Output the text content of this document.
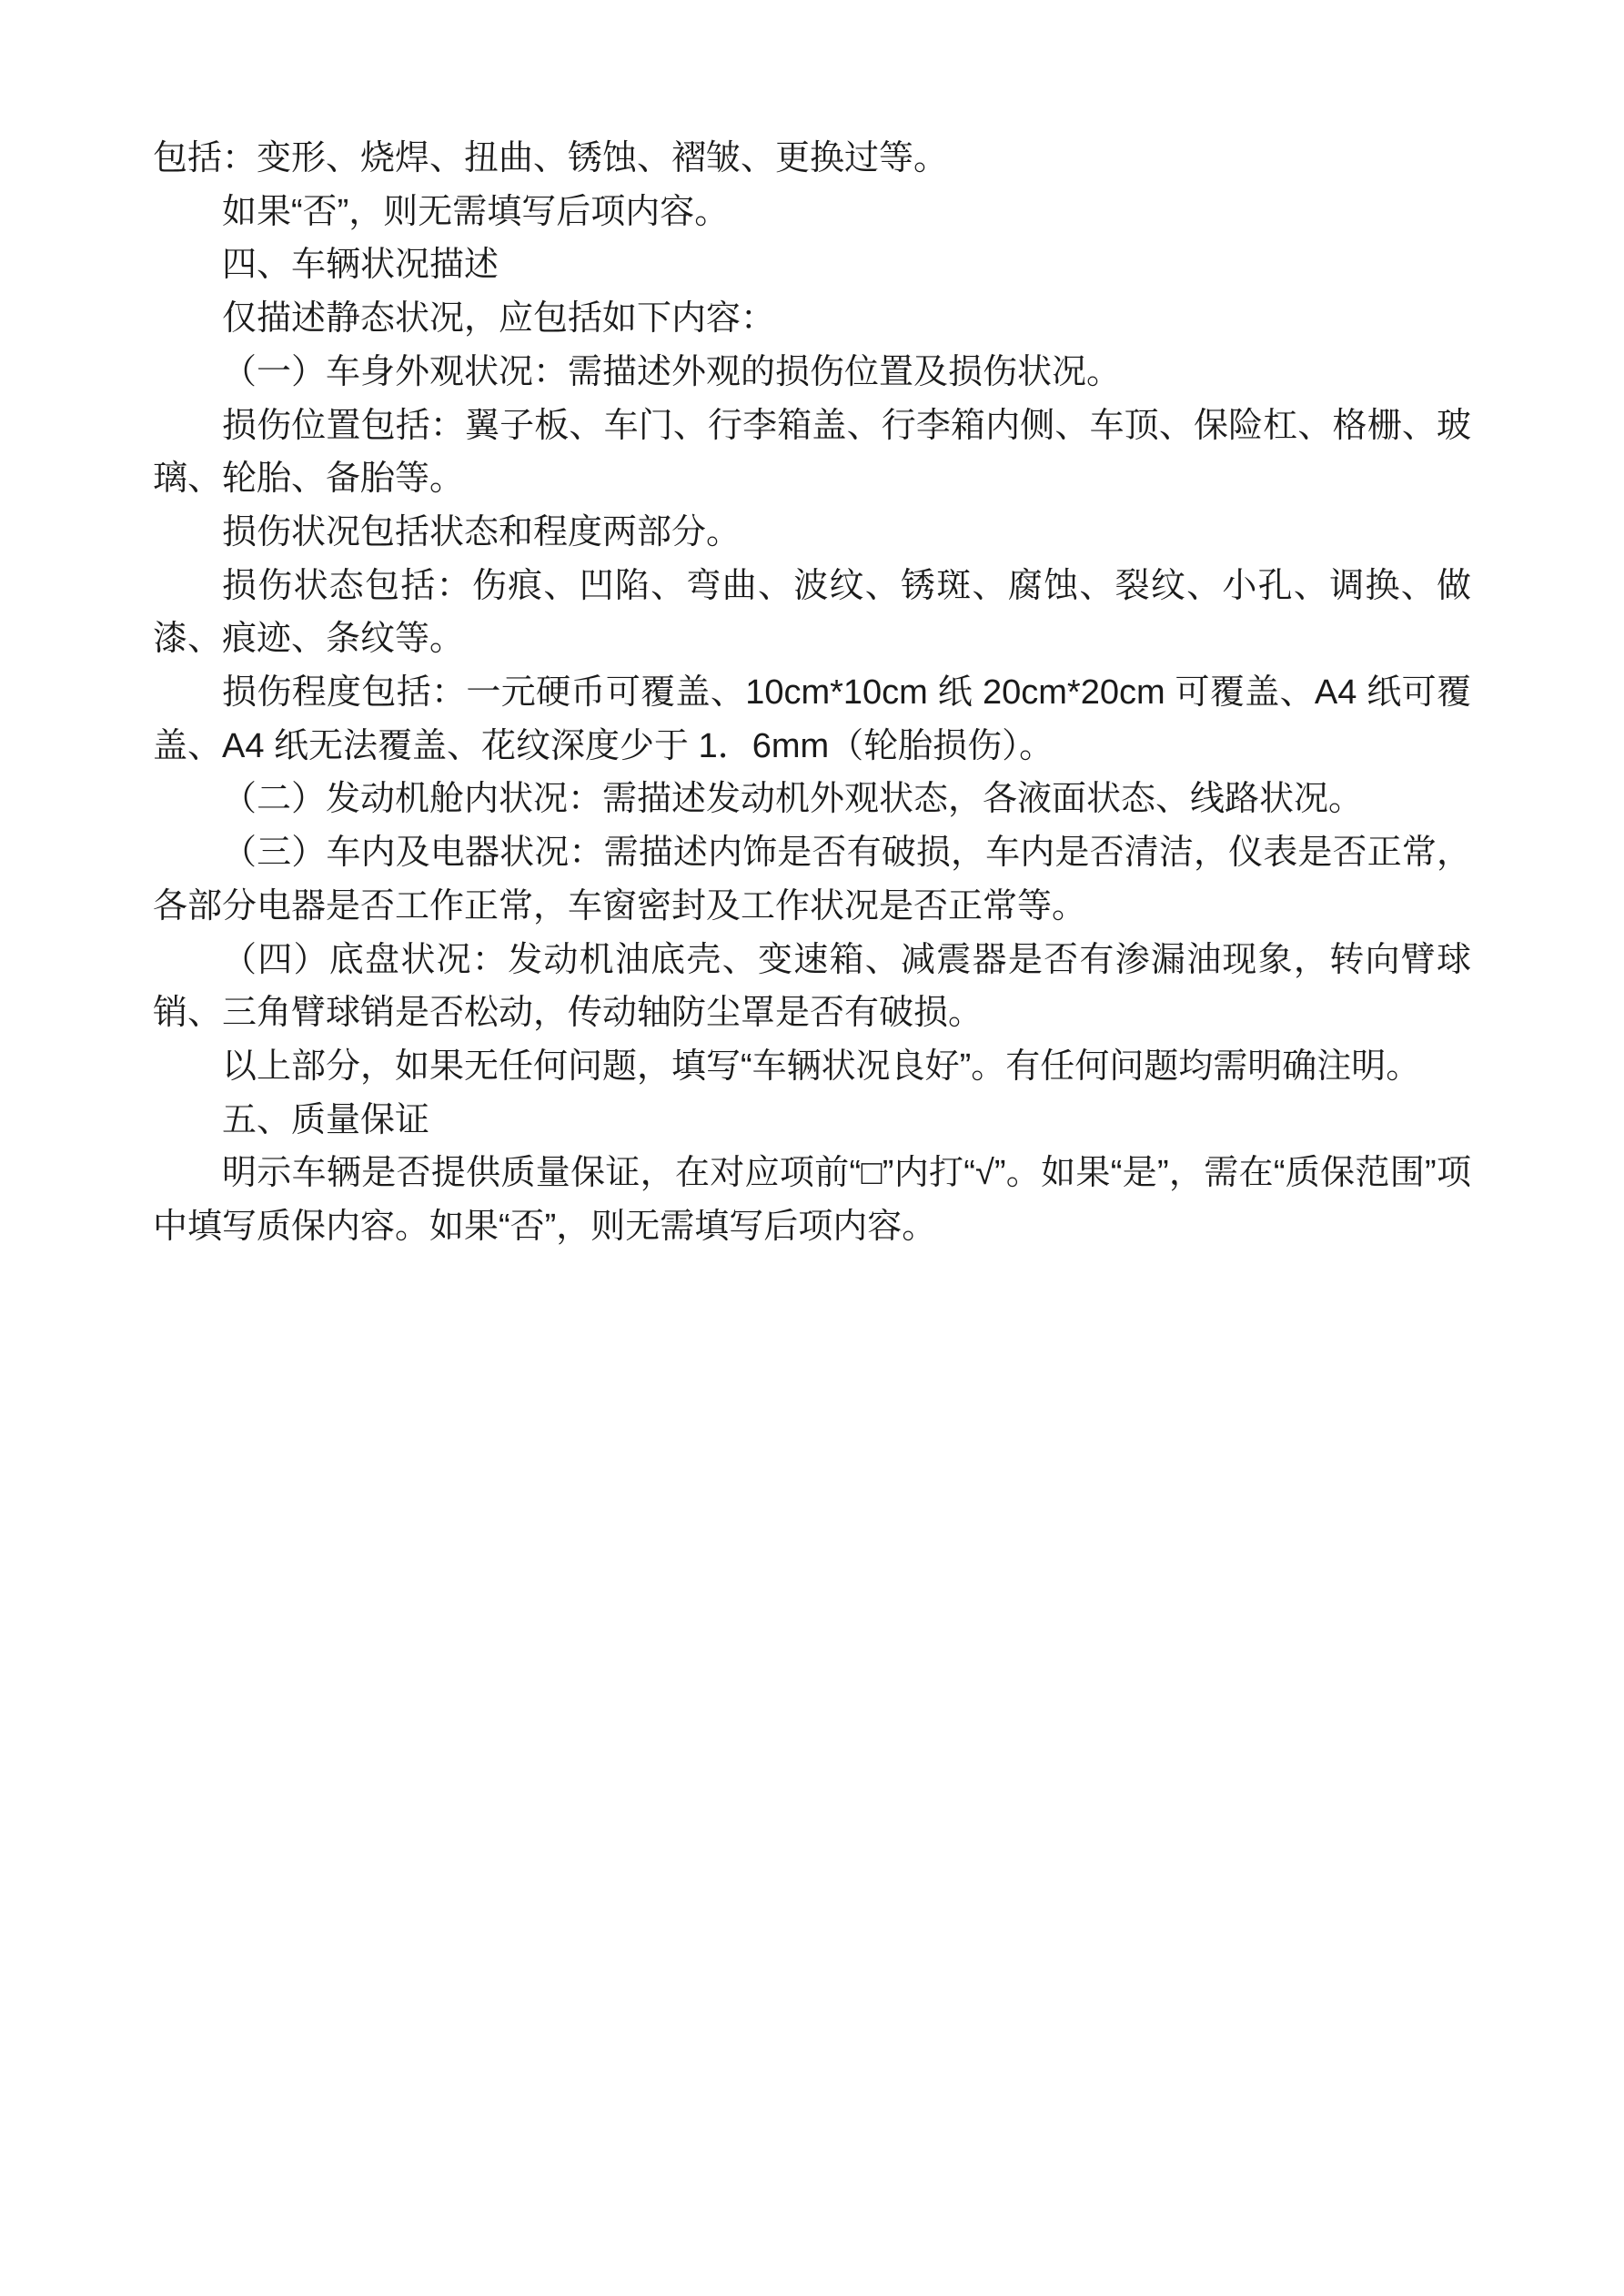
包括：变形、烧焊、扭曲、锈蚀、褶皱、更换过等。

如果“否”，则无需填写后项内容。

四、车辆状况描述

仅描述静态状况，应包括如下内容：

（一）车身外观状况：需描述外观的损伤位置及损伤状况。

损伤位置包括：翼子板、车门、行李箱盖、行李箱内侧、车顶、保险杠、格栅、玻璃、轮胎、备胎等。

损伤状况包括状态和程度两部分。

损伤状态包括：伤痕、凹陷、弯曲、波纹、锈斑、腐蚀、裂纹、小孔、调换、做漆、痕迹、条纹等。

损伤程度包括：一元硬币可覆盖、10cm*10cm 纸 20cm*20cm 可覆盖、A4 纸可覆盖、A4 纸无法覆盖、花纹深度少于 1．6mm（轮胎损伤）。

（二）发动机舱内状况：需描述发动机外观状态，各液面状态、线路状况。

（三）车内及电器状况：需描述内饰是否有破损，车内是否清洁，仪表是否正常，各部分电器是否工作正常，车窗密封及工作状况是否正常等。

（四）底盘状况：发动机油底壳、变速箱、减震器是否有渗漏油现象，转向臂球销、三角臂球销是否松动，传动轴防尘罩是否有破损。

以上部分，如果无任何问题，填写“车辆状况良好”。有任何问题均需明确注明。

五、质量保证

明示车辆是否提供质量保证，在对应项前“□”内打“√”。如果“是”，需在“质保范围”项中填写质保内容。如果“否”，则无需填写后项内容。
